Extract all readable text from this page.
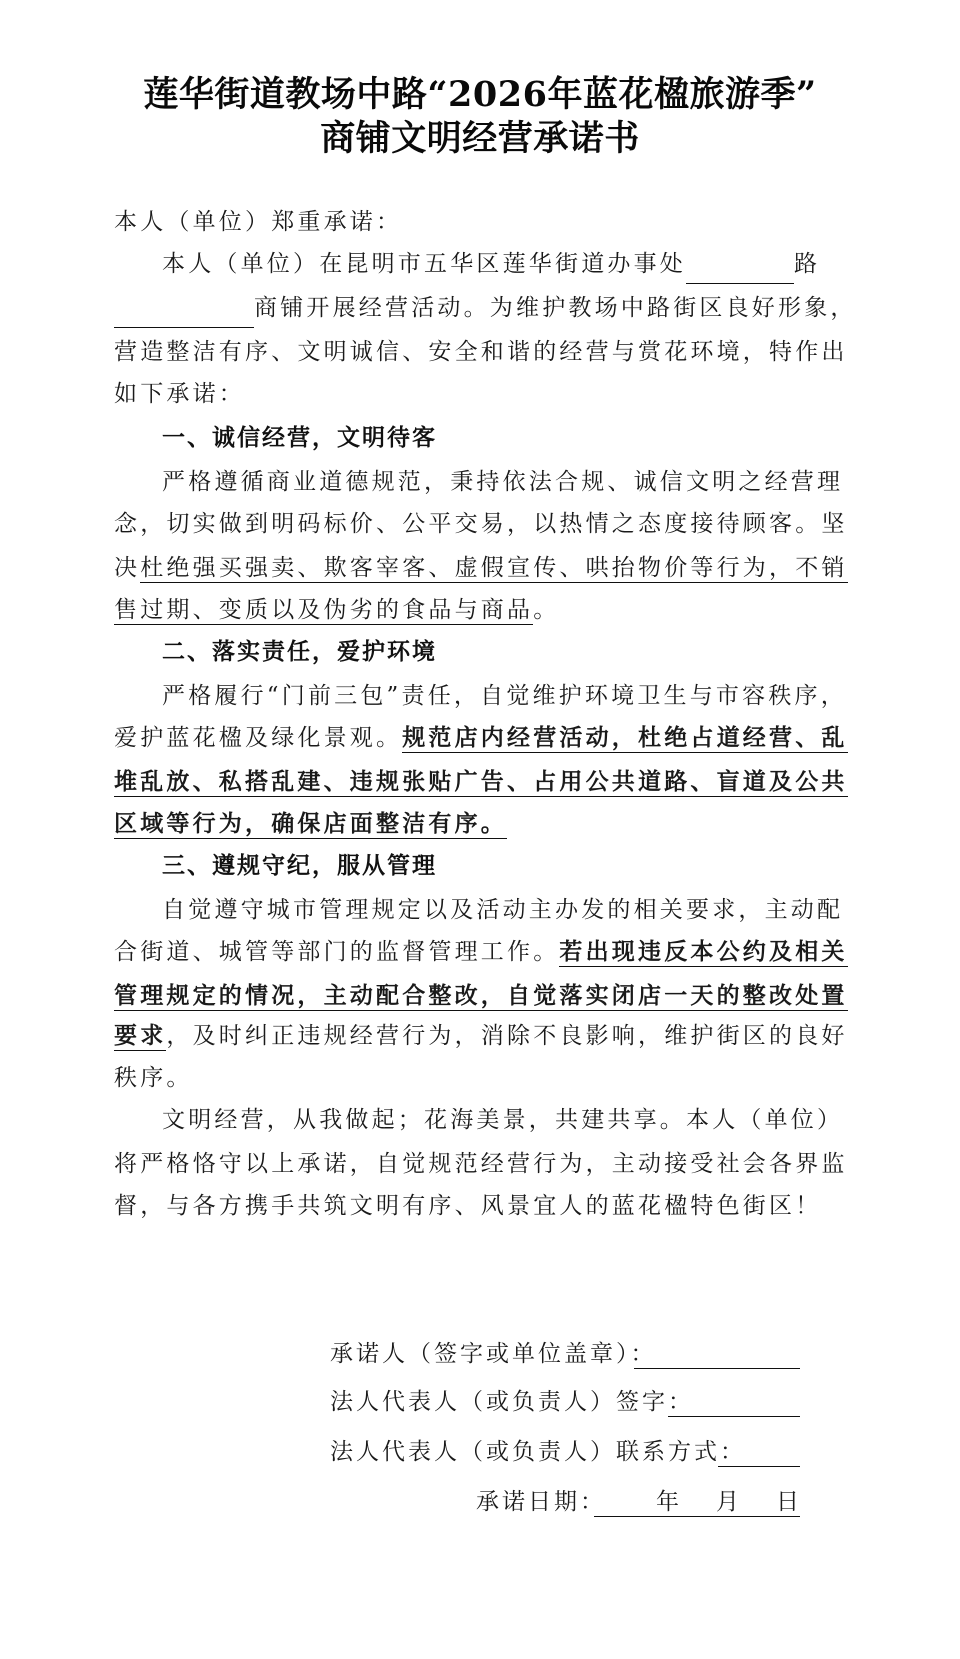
莲华街道教场中路“2026年蓝花楹旅游季”
商铺文明经营承诺书
本人（单位）郑重承诺：
本人（单位）在昆明市五华区莲华街道办事处	路
商铺开展经营活动。为维护教场中路街区良好形象，
营造整洁有序、文明诚信、安全和谐的经营与赏花环境，特作出
如下承诺：
一、诚信经营，文明待客
严格遵循商业道德规范，秉持依法合规、诚信文明之经营理
念，切实做到明码标价、公平交易，以热情之态度接待顾客。坚
决杜绝强买强卖、欺客宰客、虚假宣传、哄抬物价等行为，不销
售过期、变质以及伪劣的食品与商品。
二、落实责任，爱护环境
严格履行“门前三包”责任，自觉维护环境卫生与市容秩序，
爱护蓝花楹及绿化景观。规范店内经营活动，杜绝占道经营、乱
堆乱放、私搭乱建、违规张贴广告、占用公共道路、盲道及公共
区域等行为，确保店面整洁有序。
三、遵规守纪，服从管理
自觉遵守城市管理规定以及活动主办发的相关要求，主动配
合街道、城管等部门的监督管理工作。若出现违反本公约及相关
管理规定的情况，主动配合整改，自觉落实闭店一天的整改处置
要求，及时纠正违规经营行为，消除不良影响，维护街区的良好
秩序。
文明经营，从我做起；花海美景，共建共享。本人（单位）
将严格恪守以上承诺，自觉规范经营行为，主动接受社会各界监
督，与各方携手共筑文明有序、风景宜人的蓝花楹特色街区！
承诺人（签字或单位盖章）：
法人代表人（或负责人）签字：
法人代表人（或负责人）联系方式：
承诺日期： 年 月 日
